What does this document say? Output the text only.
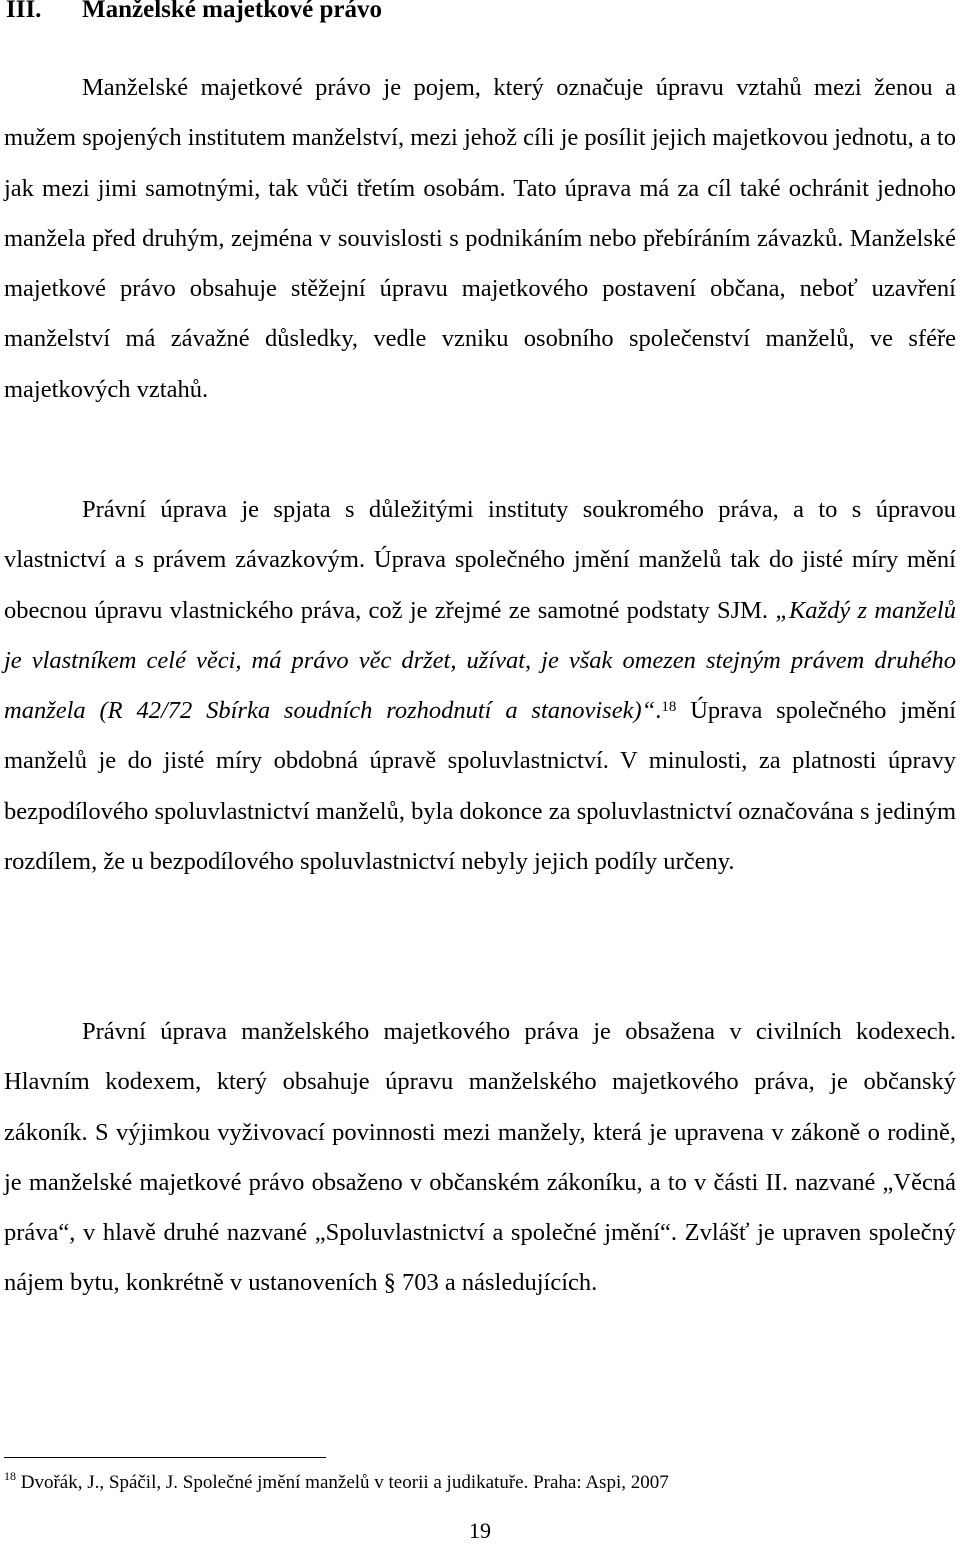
III. Manželské majetkové právo

Manželské majetkové právo je pojem, který označuje úpravu vztahů mezi ženou a mužem spojených institutem manželství, mezi jehož cíli je posílit jejich majetkovou jednotu, a to jak mezi jimi samotnými, tak vůči třetím osobám. Tato úprava má za cíl také ochránit jednoho manžela před druhým, zejména v souvislosti s podnikáním nebo přebíráním závazků. Manželské majetkové právo obsahuje stěžejní úpravu majetkového postavení občana, neboť uzavření manželství má závažné důsledky, vedle vzniku osobního společenství manželů, ve sféře majetkových vztahů.

Právní úprava je spjata s důležitými instituty soukromého práva, a to s úpravou vlastnictví a s právem závazkovým. Úprava společného jmění manželů tak do jisté míry mění obecnou úpravu vlastnického práva, což je zřejmé ze samotné podstaty SJM. „Každý z manželů je vlastníkem celé věci, má právo věc držet, užívat, je však omezen stejným právem druhého manžela (R 42/72 Sbírka soudních rozhodnutí a stanovisek)“.$^{18}$ Úprava společného jmění manželů je do jisté míry obdobná úpravě spoluvlastnictví. V minulosti, za platnosti úpravy bezpodílového spoluvlastnictví manželů, byla dokonce za spoluvlastnictví označována s jediným rozdílem, že u bezpodílového spoluvlastnictví nebyly jejich podíly určeny.

Právní úprava manželského majetkového práva je obsažena v civilních kodexech. Hlavním kodexem, který obsahuje úpravu manželského majetkového práva, je občanský zákoník. S výjimkou vyživovací povinnosti mezi manžely, která je upravena v zákoně o rodině, je manželské majetkové právo obsaženo v občanském zákoníku, a to v části II. nazvané „Věcná práva“, v hlavě druhé nazvané „Spoluvlastnictví a společné jmění“. Zvlášť je upraven společný nájem bytu, konkrétně v ustanoveních § 703 a následujících.

$^{18}$ Dvořák, J., Spáčil, J. Společné jmění manželů v teorii a judikatuře. Praha: Aspi, 2007
19
